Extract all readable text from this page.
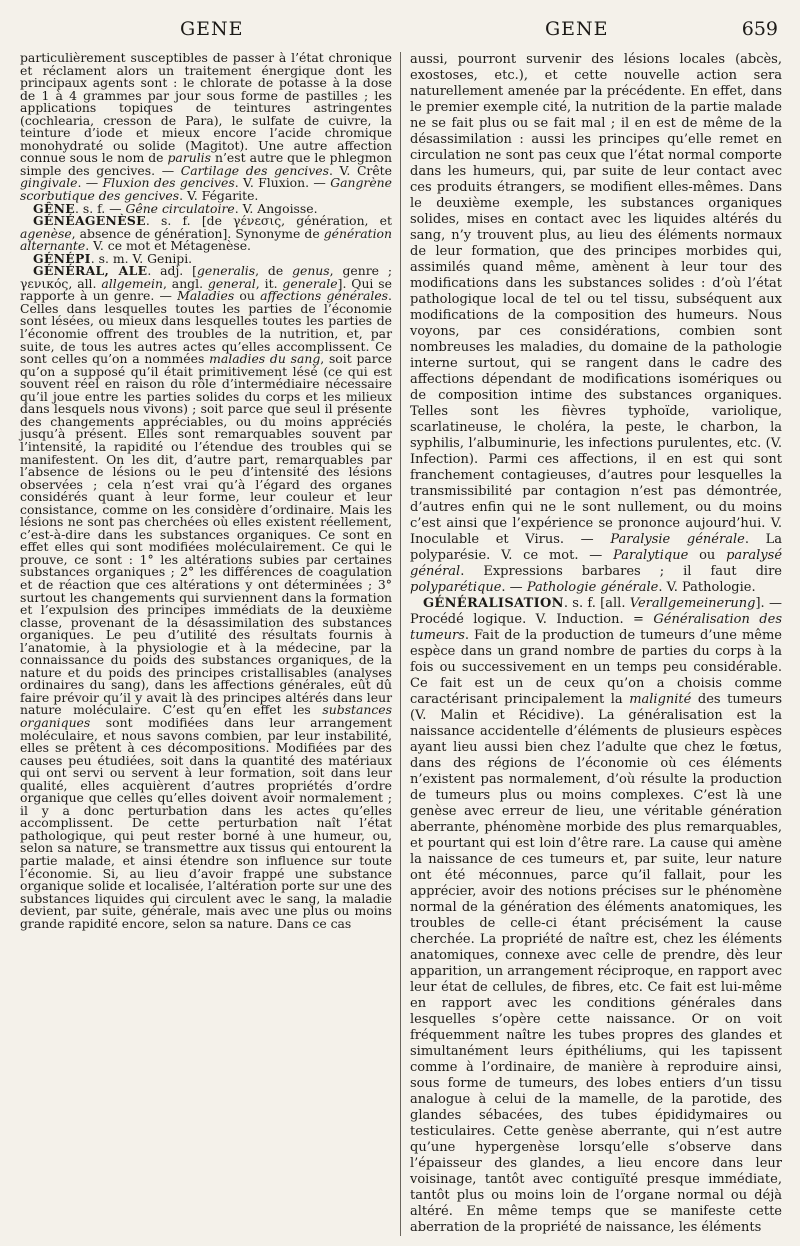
GENE	GENE	659

particulièrement susceptibles de passer à l’état chronique et réclament alors un traitement énergique dont les principaux agents sont : le chlorate de potasse à la dose de 1 à 4 grammes par jour sous forme de pastilles ; les applications topiques de teintures astringentes (cochlearia, cresson de Para), le sulfate de cuivre, la teinture d’iode et mieux encore l’acide chromique monohydraté ou solide (Magitot). Une autre affection connue sous le nom de parulis n’est autre que le phlegmon simple des gencives. — Cartilage des gencives. V. Crête gingivale. — Fluxion des gencives. V. Fluxion. — Gangrène scorbutique des gencives. V. Fégarite.

GÊNE. s. f. — Gêne circulatoire. V. Angoisse.

GÉNÉAGENÈSE. s. f. [de γένεσις, génération, et agenèse, absence de génération]. Synonyme de génération alternante. V. ce mot et Métagenèse.

GÉNÉPI. s. m. V. Genipi.

GÉNÉRAL, ALE. adj. [generalis, de genus, genre ; γενικός, all. allgemein, angl. general, it. generale]. Qui se rapporte à un genre. — Maladies ou affections générales. Celles dans lesquelles toutes les parties de l’économie sont lésées, ou mieux dans lesquelles toutes les parties de l’économie offrent des troubles de la nutrition, et, par suite, de tous les autres actes qu’elles accomplissent. Ce sont celles qu’on a nommées maladies du sang, soit parce qu’on a supposé qu’il était primitivement lésé (ce qui est souvent réel en raison du rôle d’intermédiaire nécessaire qu’il joue entre les parties solides du corps et les milieux dans lesquels nous vivons) ; soit parce que seul il présente des changements appréciables, ou du moins appréciés jusqu’à présent. Elles sont remarquables souvent par l’intensité, la rapidité ou l’étendue des troubles qui se manifestent. On les dit, d’autre part, remarquables par l’absence de lésions ou le peu d’intensité des lésions observées ; cela n’est vrai qu’à l’égard des organes considérés quant à leur forme, leur couleur et leur consistance, comme on les considère d’ordinaire. Mais les lésions ne sont pas cherchées où elles existent réellement, c’est-à-dire dans les substances organiques. Ce sont en effet elles qui sont modifiées moléculairement. Ce qui le prouve, ce sont : 1° les altérations subies par certaines substances organiques ; 2° les différences de coagulation et de réaction que ces altérations y ont déterminées ; 3° surtout les changements qui surviennent dans la formation et l’expulsion des principes immédiats de la deuxième classe, provenant de la désassimilation des substances organiques. Le peu d’utilité des résultats fournis à l’anatomie, à la physiologie et à la médecine, par la connaissance du poids des substances organiques, de la nature et du poids des principes cristallisables (analyses ordinaires du sang), dans les affections générales, eût dû faire prévoir qu’il y avait là des principes altérés dans leur nature moléculaire. C’est qu’en effet les substances organiques sont modifiées dans leur arrangement moléculaire, et nous savons combien, par leur instabilité, elles se prêtent à ces décompositions. Modifiées par des causes peu étudiées, soit dans la quantité des matériaux qui ont servi ou servent à leur formation, soit dans leur qualité, elles acquièrent d’autres propriétés d’ordre organique que celles qu’elles doivent avoir normalement ; il y a donc perturbation dans les actes qu’elles accomplissent. De cette perturbation naît l’état pathologique, qui peut rester borné à une humeur, ou, selon sa nature, se transmettre aux tissus qui entourent la partie malade, et ainsi étendre son influence sur toute l’économie. Si, au lieu d’avoir frappé une substance organique solide et localisée, l’altération porte sur une des substances liquides qui circulent avec le sang, la maladie devient, par suite, générale, mais avec une plus ou moins grande rapidité encore, selon sa nature. Dans ce cas

aussi, pourront survenir des lésions locales (abcès, exostoses, etc.), et cette nouvelle action sera naturellement amenée par la précédente. En effet, dans le premier exemple cité, la nutrition de la partie malade ne se fait plus ou se fait mal ; il en est de même de la désassimilation : aussi les principes qu’elle remet en circulation ne sont pas ceux que l’état normal comporte dans les humeurs, qui, par suite de leur contact avec ces produits étrangers, se modifient elles-mêmes. Dans le deuxième exemple, les substances organiques solides, mises en contact avec les liquides altérés du sang, n’y trouvent plus, au lieu des éléments normaux de leur formation, que des principes morbides qui, assimilés quand même, amènent à leur tour des modifications dans les substances solides : d’où l’état pathologique local de tel ou tel tissu, subséquent aux modifications de la composition des humeurs. Nous voyons, par ces considérations, combien sont nombreuses les maladies, du domaine de la pathologie interne surtout, qui se rangent dans le cadre des affections dépendant de modifications isomériques ou de composition intime des substances organiques. Telles sont les fièvres typhoïde, variolique, scarlatineuse, le choléra, la peste, le charbon, la syphilis, l’albuminurie, les infections purulentes, etc. (V. Infection). Parmi ces affections, il en est qui sont franchement contagieuses, d’autres pour lesquelles la transmissibilité par contagion n’est pas démontrée, d’autres enfin qui ne le sont nullement, ou du moins c’est ainsi que l’expérience se prononce aujourd’hui. V. Inoculable et Virus. — Paralysie générale. La polyparésie. V. ce mot. — Paralytique ou paralysé général. Expressions barbares ; il faut dire polyparétique. — Pathologie générale. V. Pathologie.

GÉNÉRALISATION. s. f. [all. Verallgemeinerung]. — Procédé logique. V. Induction. = Généralisation des tumeurs. Fait de la production de tumeurs d’une même espèce dans un grand nombre de parties du corps à la fois ou successivement en un temps peu considérable. Ce fait est un de ceux qu’on a choisis comme caractérisant principalement la malignité des tumeurs (V. Malin et Récidive). La généralisation est la naissance accidentelle d’éléments de plusieurs espèces ayant lieu aussi bien chez l’adulte que chez le fœtus, dans des régions de l’économie où ces éléments n’existent pas normalement, d’où résulte la production de tumeurs plus ou moins complexes. C’est là une genèse avec erreur de lieu, une véritable génération aberrante, phénomène morbide des plus remarquables, et pourtant qui est loin d’être rare. La cause qui amène la naissance de ces tumeurs et, par suite, leur nature ont été méconnues, parce qu’il fallait, pour les apprécier, avoir des notions précises sur le phénomène normal de la génération des éléments anatomiques, les troubles de celle-ci étant précisément la cause cherchée. La propriété de naître est, chez les éléments anatomiques, connexe avec celle de prendre, dès leur apparition, un arrangement réciproque, en rapport avec leur état de cellules, de fibres, etc. Ce fait est lui-même en rapport avec les conditions générales dans lesquelles s’opère cette naissance. Or on voit fréquemment naître les tubes propres des glandes et simultanément leurs épithéliums, qui les tapissent comme à l’ordinaire, de manière à reproduire ainsi, sous forme de tumeurs, des lobes entiers d’un tissu analogue à celui de la mamelle, de la parotide, des glandes sébacées, des tubes épididymaires ou testiculaires. Cette genèse aberrante, qui n’est autre qu’une hypergenèse lorsqu’elle s’observe dans l’épaisseur des glandes, a lieu encore dans leur voisinage, tantôt avec contiguïté presque immédiate, tantôt plus ou moins loin de l’organe normal ou déjà altéré. En même temps que se manifeste cette aberration de la propriété de naissance, les éléments
